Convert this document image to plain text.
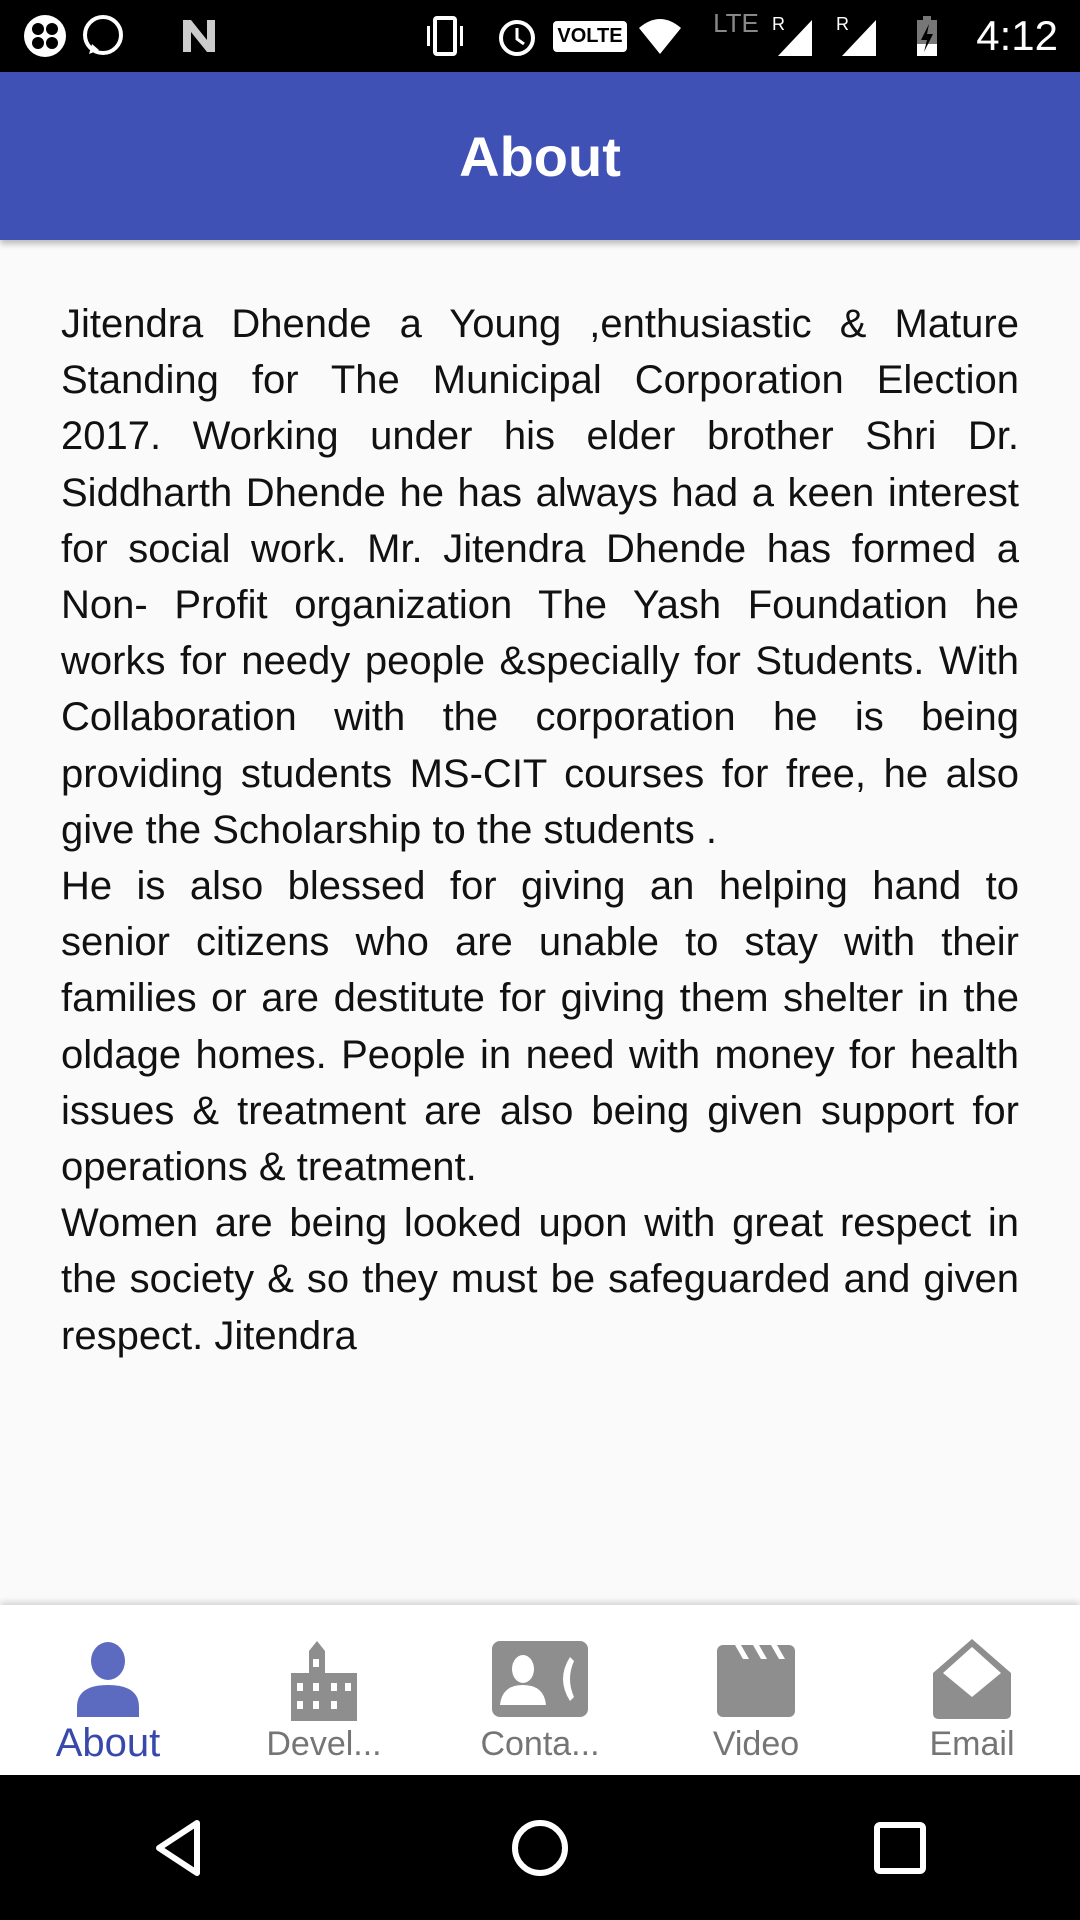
VOLTE	LTE R	R	4:12
About

Jitendra Dhende a Young ,enthusiastic & Mature Standing for The Municipal Corporation Election 2017. Working under his elder brother Shri Dr. Siddharth Dhende he has always had a keen interest for social work. Mr. Jitendra Dhende has formed a Non- Profit organization The Yash Foundation he works for needy people &specially for Students. With Collaboration with the corporation he is being providing students MS-CIT courses for free, he also give the Scholarship to the students .
He is also blessed for giving an helping hand to senior citizens who are unable to stay with their families or are destitute for giving them shelter in the oldage homes. People in need with money for health issues & treatment are also being given support for operations & treatment.
Women are being looked upon with great respect in the society & so they must be safeguarded and given respect. Jitendra

About	Devel...	Conta...	Video	Email
